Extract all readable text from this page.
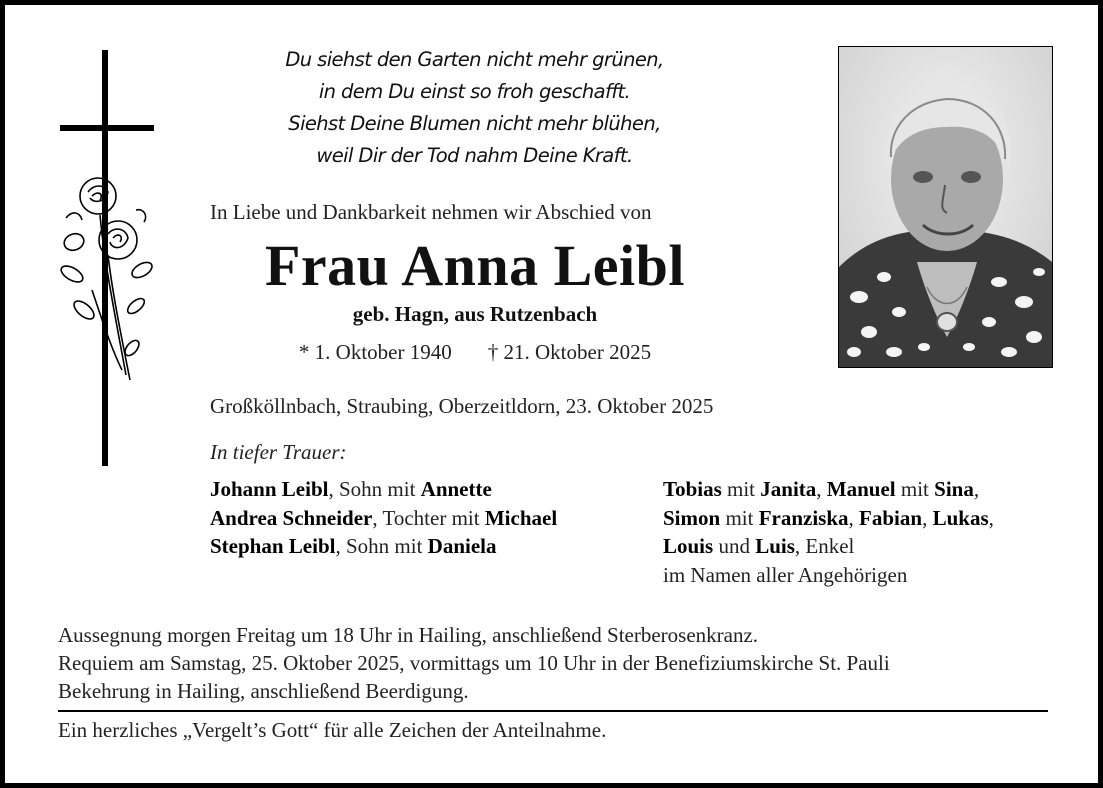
Du siehst den Garten nicht mehr grünen,
in dem Du einst so froh geschafft.
Siehst Deine Blumen nicht mehr blühen,
weil Dir der Tod nahm Deine Kraft.
In Liebe und Dankbarkeit nehmen wir Abschied von
Frau Anna Leibl
geb. Hagn, aus Rutzenbach
* 1. Oktober 1940 † 21. Oktober 2025
Großköllnbach, Straubing, Oberzeitldorn, 23. Oktober 2025
In tiefer Trauer:
Johann Leibl, Sohn mit Annette
Andrea Schneider, Tochter mit Michael
Stephan Leibl, Sohn mit Daniela
Tobias mit Janita, Manuel mit Sina,
Simon mit Franziska, Fabian, Lukas,
Louis und Luis, Enkel
im Namen aller Angehörigen
Aussegnung morgen Freitag um 18 Uhr in Hailing, anschließend Sterberosenkranz.
Requiem am Samstag, 25. Oktober 2025, vormittags um 10 Uhr in der Benefiziumskirche St. Pauli
Bekehrung in Hailing, anschließend Beerdigung.
Ein herzliches „Vergelt’s Gott“ für alle Zeichen der Anteilnahme.
